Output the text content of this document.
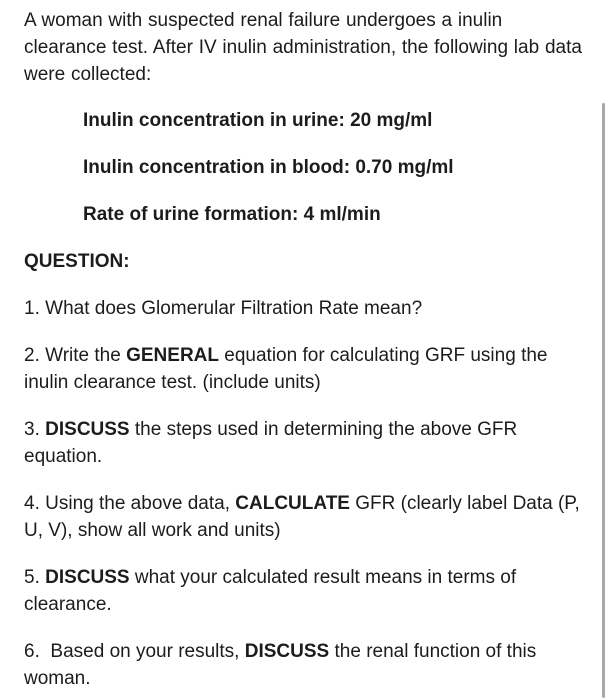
A woman with suspected renal failure undergoes a inulin clearance test. After IV inulin administration, the following lab data were collected:

Inulin concentration in urine: 20 mg/ml
Inulin concentration in blood: 0.70 mg/ml
Rate of urine formation: 4 ml/min

QUESTION:

1. What does Glomerular Filtration Rate mean?

2. Write the GENERAL equation for calculating GRF using the inulin clearance test. (include units)

3. DISCUSS the steps used in determining the above GFR equation.

4. Using the above data, CALCULATE GFR (clearly label Data (P, U, V), show all work and units)

5. DISCUSS what your calculated result means in terms of clearance.

6.  Based on your results, DISCUSS the renal function of this woman.
